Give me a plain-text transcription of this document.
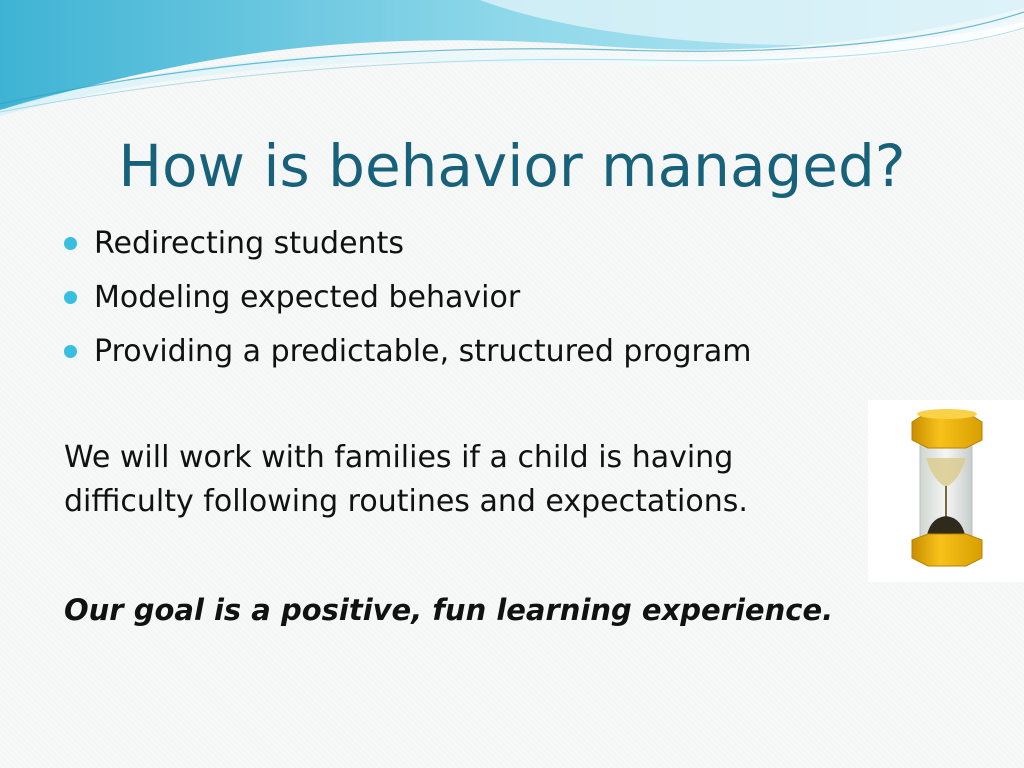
How is behavior managed?
Redirecting students
Modeling expected behavior
Providing a predictable, structured program
We will work with families if a child is having
difficulty following routines and expectations.
Our goal is a positive, fun learning experience.
